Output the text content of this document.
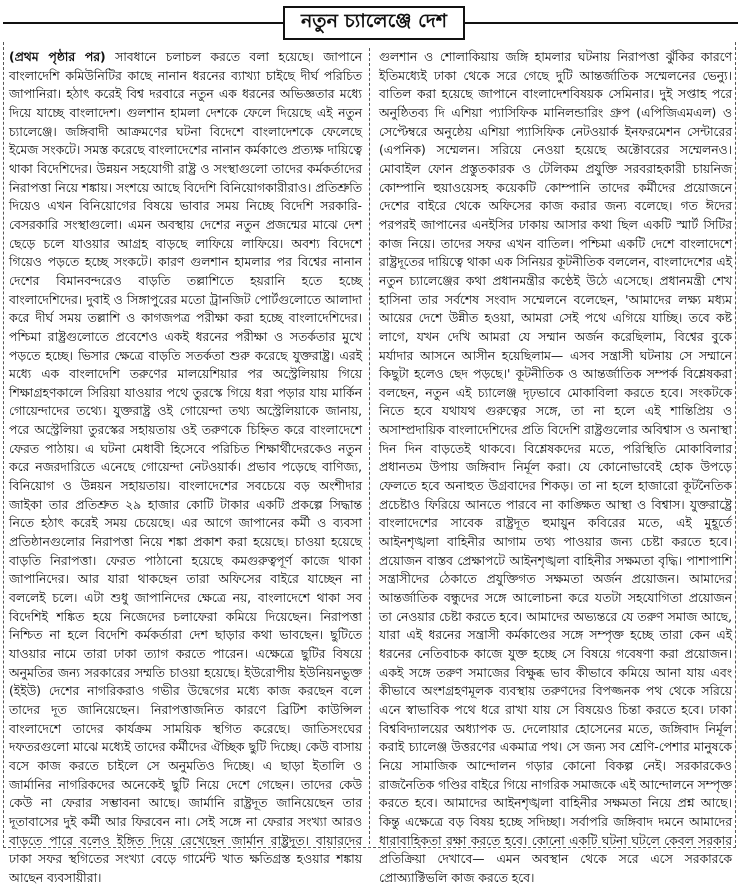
নতুন চ্যালেঞ্জে দেশ

(প্রথম পৃষ্ঠার পর) সাবধানে চলাচল করতে বলা হয়েছে। জাপানে বাংলাদেশি কমিউনিটির কাছে নানান ধরনের ব্যাখ্যা চাইছে দীর্ঘ পরিচিত জাপানিরা। হঠাৎ করেই বিশ্ব দরবারে নতুন এক ধরনের অভিজ্ঞতার মধ্যে দিয়ে যাচ্ছে বাংলাদেশ। গুলশান হামলা দেশকে ফেলে দিয়েছে এই নতুন চ্যালেঞ্জে। জঙ্গিবাদী আক্রমণের ঘটনা বিদেশে বাংলাদেশকে ফেলেছে ইমেজ সংকটে। সমস্ত করেছে বাংলাদেশের নানান কর্মকাণ্ডে প্রত্যক্ষ দায়িত্বে থাকা বিদেশিদের। উন্নয়ন সহযোগী রাষ্ট্র ও সংস্থাগুলো তাদের কর্মকর্তাদের নিরাপত্তা নিয়ে শঙ্কায়। সংশয়ে আছে বিদেশি বিনিয়োগকারীরাও। প্রতিশ্রুতি দিয়েও এখন বিনিয়োগের বিষয়ে ভাবার সময় নিচ্ছে বিদেশি সরকারি-বেসরকারি সংস্থাগুলো। এমন অবস্থায় দেশের নতুন প্রজন্মের মাঝে দেশ ছেড়ে চলে যাওয়ার আগ্রহ বাড়ছে লাফিয়ে লাফিয়ে। অবশ্য বিদেশে গিয়েও পড়তে হচ্ছে সংকটে। কারণ গুলশান হামলার পর বিশ্বের নানান দেশের বিমানবন্দরেও বাড়তি তল্লাশিতে হয়রানি হতে হচ্ছে বাংলাদেশিদের। দুবাই ও সিঙ্গাপুরের মতো ট্রানজিট পোর্টগুলোতে আলাদা করে দীর্ঘ সময় তল্লাশি ও কাগজপত্র পরীক্ষা করা হচ্ছে বাংলাদেশিদের। পশ্চিমা রাষ্ট্রগুলোতে প্রবেশেও একই ধরনের পরীক্ষা ও সতর্কতার মুখে পড়তে হচ্ছে। ভিসার ক্ষেত্রে বাড়তি সতর্কতা শুরু করেছে যুক্তরাষ্ট্র। এরই মধ্যে এক বাংলাদেশি তরুণের মালয়েশিয়ার পর অস্ট্রেলিয়ায় গিয়ে শিক্ষাগ্রহণকালে সিরিয়া যাওয়ার পথে তুরস্কে গিয়ে ধরা পড়ার যায় মার্কিন গোয়েন্দাদের তথ্যে। যুক্তরাষ্ট্র ওই গোয়েন্দা তথ্য অস্ট্রেলিয়াকে জানায়, পরে অস্ট্রেলিয়া তুরস্কের সহায়তায় ওই তরুণকে চিহ্নিত করে বাংলাদেশে ফেরত পাঠায়। এ ঘটনা মেধাবী হিসেবে পরিচিত শিক্ষার্থীদেরকেও নতুন করে নজরদারিতে এনেছে গোয়েন্দা নেটওয়ার্ক। প্রভাব পড়েছে বাণিজ্য, বিনিয়োগ ও উন্নয়ন সহায়তায়। বাংলাদেশের সবচেয়ে বড় অংশীদার জাইকা তার প্রতিশ্রুত ২৯ হাজার কোটি টাকার একটি প্রকল্পে সিদ্ধান্ত নিতে হঠাৎ করেই সময় চেয়েছে। এর আগে জাপানের কর্মী ও ব্যবসা প্রতিষ্ঠানগুলোর নিরাপত্তা নিয়ে শঙ্কা প্রকাশ করা হয়েছে। চাওয়া হয়েছে বাড়তি নিরাপত্তা। ফেরত পাঠানো হয়েছে কমগুরুত্বপূর্ণ কাজে থাকা জাপানিদের। আর যারা থাকছেন তারা অফিসের বাইরে যাচ্ছেন না বললেই চলে। এটা শুধু জাপানিদের ক্ষেত্রে নয়, বাংলাদেশে থাকা সব বিদেশিই শঙ্কিত হয়ে নিজেদের চলাফেরা কমিয়ে দিয়েছেন। নিরাপত্তা নিশ্চিত না হলে বিদেশি কর্মকর্তারা দেশ ছাড়ার কথা ভাবছেন। ছুটিতে যাওয়ার নামে তারা ঢাকা ত্যাগ করতে পারেন। এক্ষেত্রে ছুটির বিষয়ে অনুমতির জন্য সরকারের সম্মতি চাওয়া হয়েছে। ইউরোপীয় ইউনিয়নভুক্ত (ইইউ) দেশের নাগরিকরাও গভীর উদ্বেগের মধ্যে কাজ করছেন বলে তাদের দূত জানিয়েছেন। নিরাপত্তাজনিত কারণে ব্রিটিশ কাউন্সিল বাংলাদেশে তাদের কার্যক্রম সাময়িক স্থগিত করেছে। জাতিসংঘের দফতরগুলো মাঝে মধ্যেই তাদের কর্মীদের ঐচ্ছিক ছুটি দিচ্ছে। কেউ বাসায় বসে কাজ করতে চাইলে সে অনুমতিও দিচ্ছে। এ ছাড়া ইতালি ও জার্মানির নাগরিকদের অনেকেই ছুটি নিয়ে দেশে গেছেন। তাদের কেউ কেউ না ফেরার সম্ভাবনা আছে। জার্মানি রাষ্ট্রদূত জানিয়েছেন তার দূতাবাসের দুই কর্মী আর ফিরবেন না। সেই সঙ্গে না ফেরার সংখ্যা আরও বাড়তে পারে বলেও ইঙ্গিত দিয়ে রেখেছেন জার্মান রাষ্ট্রদূত। বায়ারদের ঢাকা সফর স্থগিতের সংখ্যা বেড়ে গার্মেন্ট খাত ক্ষতিগ্রস্ত হওয়ার শঙ্কায় আছেন ব্যবসায়ীরা।

গুলশান ও শোলাকিয়ায় জঙ্গি হামলার ঘটনায় নিরাপত্তা ঝুঁকির কারণে ইতিমধ্যেই ঢাকা থেকে সরে গেছে দুটি আন্তর্জাতিক সম্মেলনের ভেন্যু। বাতিল করা হয়েছে জাপানে বাংলাদেশবিষয়ক সেমিনার। দুই সপ্তাহ পরে অনুষ্ঠিতব্য দি এশিয়া প্যাসিফিক মানিলন্ডারিং গ্রুপ (এপিজিএমএল) ও সেপ্টেম্বরে অনুষ্ঠেয় এশিয়া প্যাসিফিক নেটওয়ার্ক ইনফরমেশন সেন্টারের (এপনিক) সম্মেলন। সরিয়ে নেওয়া হয়েছে অক্টোবরের সম্মেলনও। মোবাইল ফোন প্রস্তুতকারক ও টেলিকম প্রযুক্তি সরবরাহকারী চায়নিজ কোম্পানি হুয়াওয়েসহ কয়েকটি কোম্পানি তাদের কর্মীদের প্রয়োজনে দেশের বাইরে থেকে অফিসের কাজ করার জন্য বলেছে। গত ঈদের পরপরই জাপানের এনইসির ঢাকায় আসার কথা ছিল একটি স্মার্ট সিটির কাজ নিয়ে। তাদের সফর এখন বাতিল। পশ্চিমা একটি দেশে বাংলাদেশে রাষ্ট্রদূতের দায়িত্বে থাকা এক সিনিয়র কূটনীতিক বললেন, বাংলাদেশের এই নতুন চ্যালেঞ্জের কথা প্রধানমন্ত্রীর কণ্ঠেই উঠে এসেছে। প্রধানমন্ত্রী শেখ হাসিনা তার সর্বশেষ সংবাদ সম্মেলনে বলেছেন, 'আমাদের লক্ষ্য মধ্যম আয়ের দেশে উন্নীত হওয়া, আমরা সেই পথে এগিয়ে যাচ্ছি। তবে কষ্ট লাগে, যখন দেখি আমরা যে সম্মান অর্জন করেছিলাম, বিশ্বের বুকে মর্যাদার আসনে আসীন হয়েছিলাম— এসব সন্ত্রাসী ঘটনায় সে সম্মানে কিছুটা হলেও ছেদ পড়ছে।' কূটনীতিক ও আন্তর্জাতিক সম্পর্ক বিশ্লেষকরা বলছেন, নতুন এই চ্যালেঞ্জ দৃঢ়ভাবে মোকাবিলা করতে হবে। সংকটকে নিতে হবে যথাযথ গুরুত্বের সঙ্গে, তা না হলে এই শান্তিপ্রিয় ও অসাম্প্রদায়িক বাংলাদেশিদের প্রতি বিদেশি রাষ্ট্রগুলোর অবিশ্বাস ও অনাস্থা দিন দিন বাড়তেই থাকবে। বিশ্লেষকদের মতে, পরিস্থিতি মোকাবিলার প্রধানতম উপায় জঙ্গিবাদ নির্মূল করা। যে কোনোভাবেই হোক উপড়ে ফেলতে হবে অনাহুত উগ্রবাদের শিকড়। তা না হলে হাজারো কূটনৈতিক প্রচেষ্টাও ফিরিয়ে আনতে পারবে না কাঙ্ক্ষিত আস্থা ও বিশ্বাস। যুক্তরাষ্ট্রে বাংলাদেশের সাবেক রাষ্ট্রদূত হুমায়ুন কবিরের মতে, এই মুহূর্তে আইনশৃঙ্খলা বাহিনীর আগাম তথ্য পাওয়ার জন্য চেষ্টা করতে হবে। প্রয়োজন বাস্তব প্রেক্ষাপটে আইনশৃঙ্খলা বাহিনীর সক্ষমতা বৃদ্ধি। পাশাপাশি সন্ত্রাসীদের ঠেকাতে প্রযুক্তিগত সক্ষমতা অর্জন প্রয়োজন। আমাদের আন্তর্জাতিক বন্ধুদের সঙ্গে আলোচনা করে যতটা সহযোগিতা প্রয়োজন তা নেওয়ার চেষ্টা করতে হবে। আমাদের অভ্যন্তরে যে তরুণ সমাজ আছে, যারা এই ধরনের সন্ত্রাসী কর্মকাণ্ডের সঙ্গে সম্পৃক্ত হচ্ছে তারা কেন এই ধরনের নেতিবাচক কাজে যুক্ত হচ্ছে সে বিষয়ে গবেষণা করা প্রয়োজন। একই সঙ্গে তরুণ সমাজের বিক্ষুব্ধ ভাব কীভাবে কমিয়ে আনা যায় এবং কীভাবে অংশগ্রহণমূলক ব্যবস্থায় তরুণদের বিপজ্জনক পথ থেকে সরিয়ে এনে স্বাভাবিক পথে ধরে রাখা যায় সে বিষয়েও চিন্তা করতে হবে। ঢাকা বিশ্ববিদ্যালয়ের অধ্যাপক ড. দেলোয়ার হোসেনের মতে, জঙ্গিবাদ নির্মূল করাই চ্যালেঞ্জ উত্তরণের একমাত্র পথ। সে জন্য সব শ্রেণি-পেশার মানুষকে নিয়ে সামাজিক আন্দোলন গড়ার কোনো বিকল্প নেই। সরকারকেও রাজনৈতিক গণ্ডির বাইরে গিয়ে নাগরিক সমাজকে এই আন্দোলনে সম্পৃক্ত করতে হবে। আমাদের আইনশৃঙ্খলা বাহিনীর সক্ষমতা নিয়ে প্রশ্ন আছে। কিন্তু এক্ষেত্রে বড় বিষয় হচ্ছে সদিচ্ছা। সর্বাপরি জঙ্গিবাদ দমনে আমাদের ধারাবাহিকতা রক্ষা করতে হবে। কোনো একটি ঘটনা ঘটলে কেবল সরকার প্রতিক্রিয়া দেখাবে— এমন অবস্থান থেকে সরে এসে সরকারকে প্রোঅ্যাক্টিভলি কাজ করতে হবে।
